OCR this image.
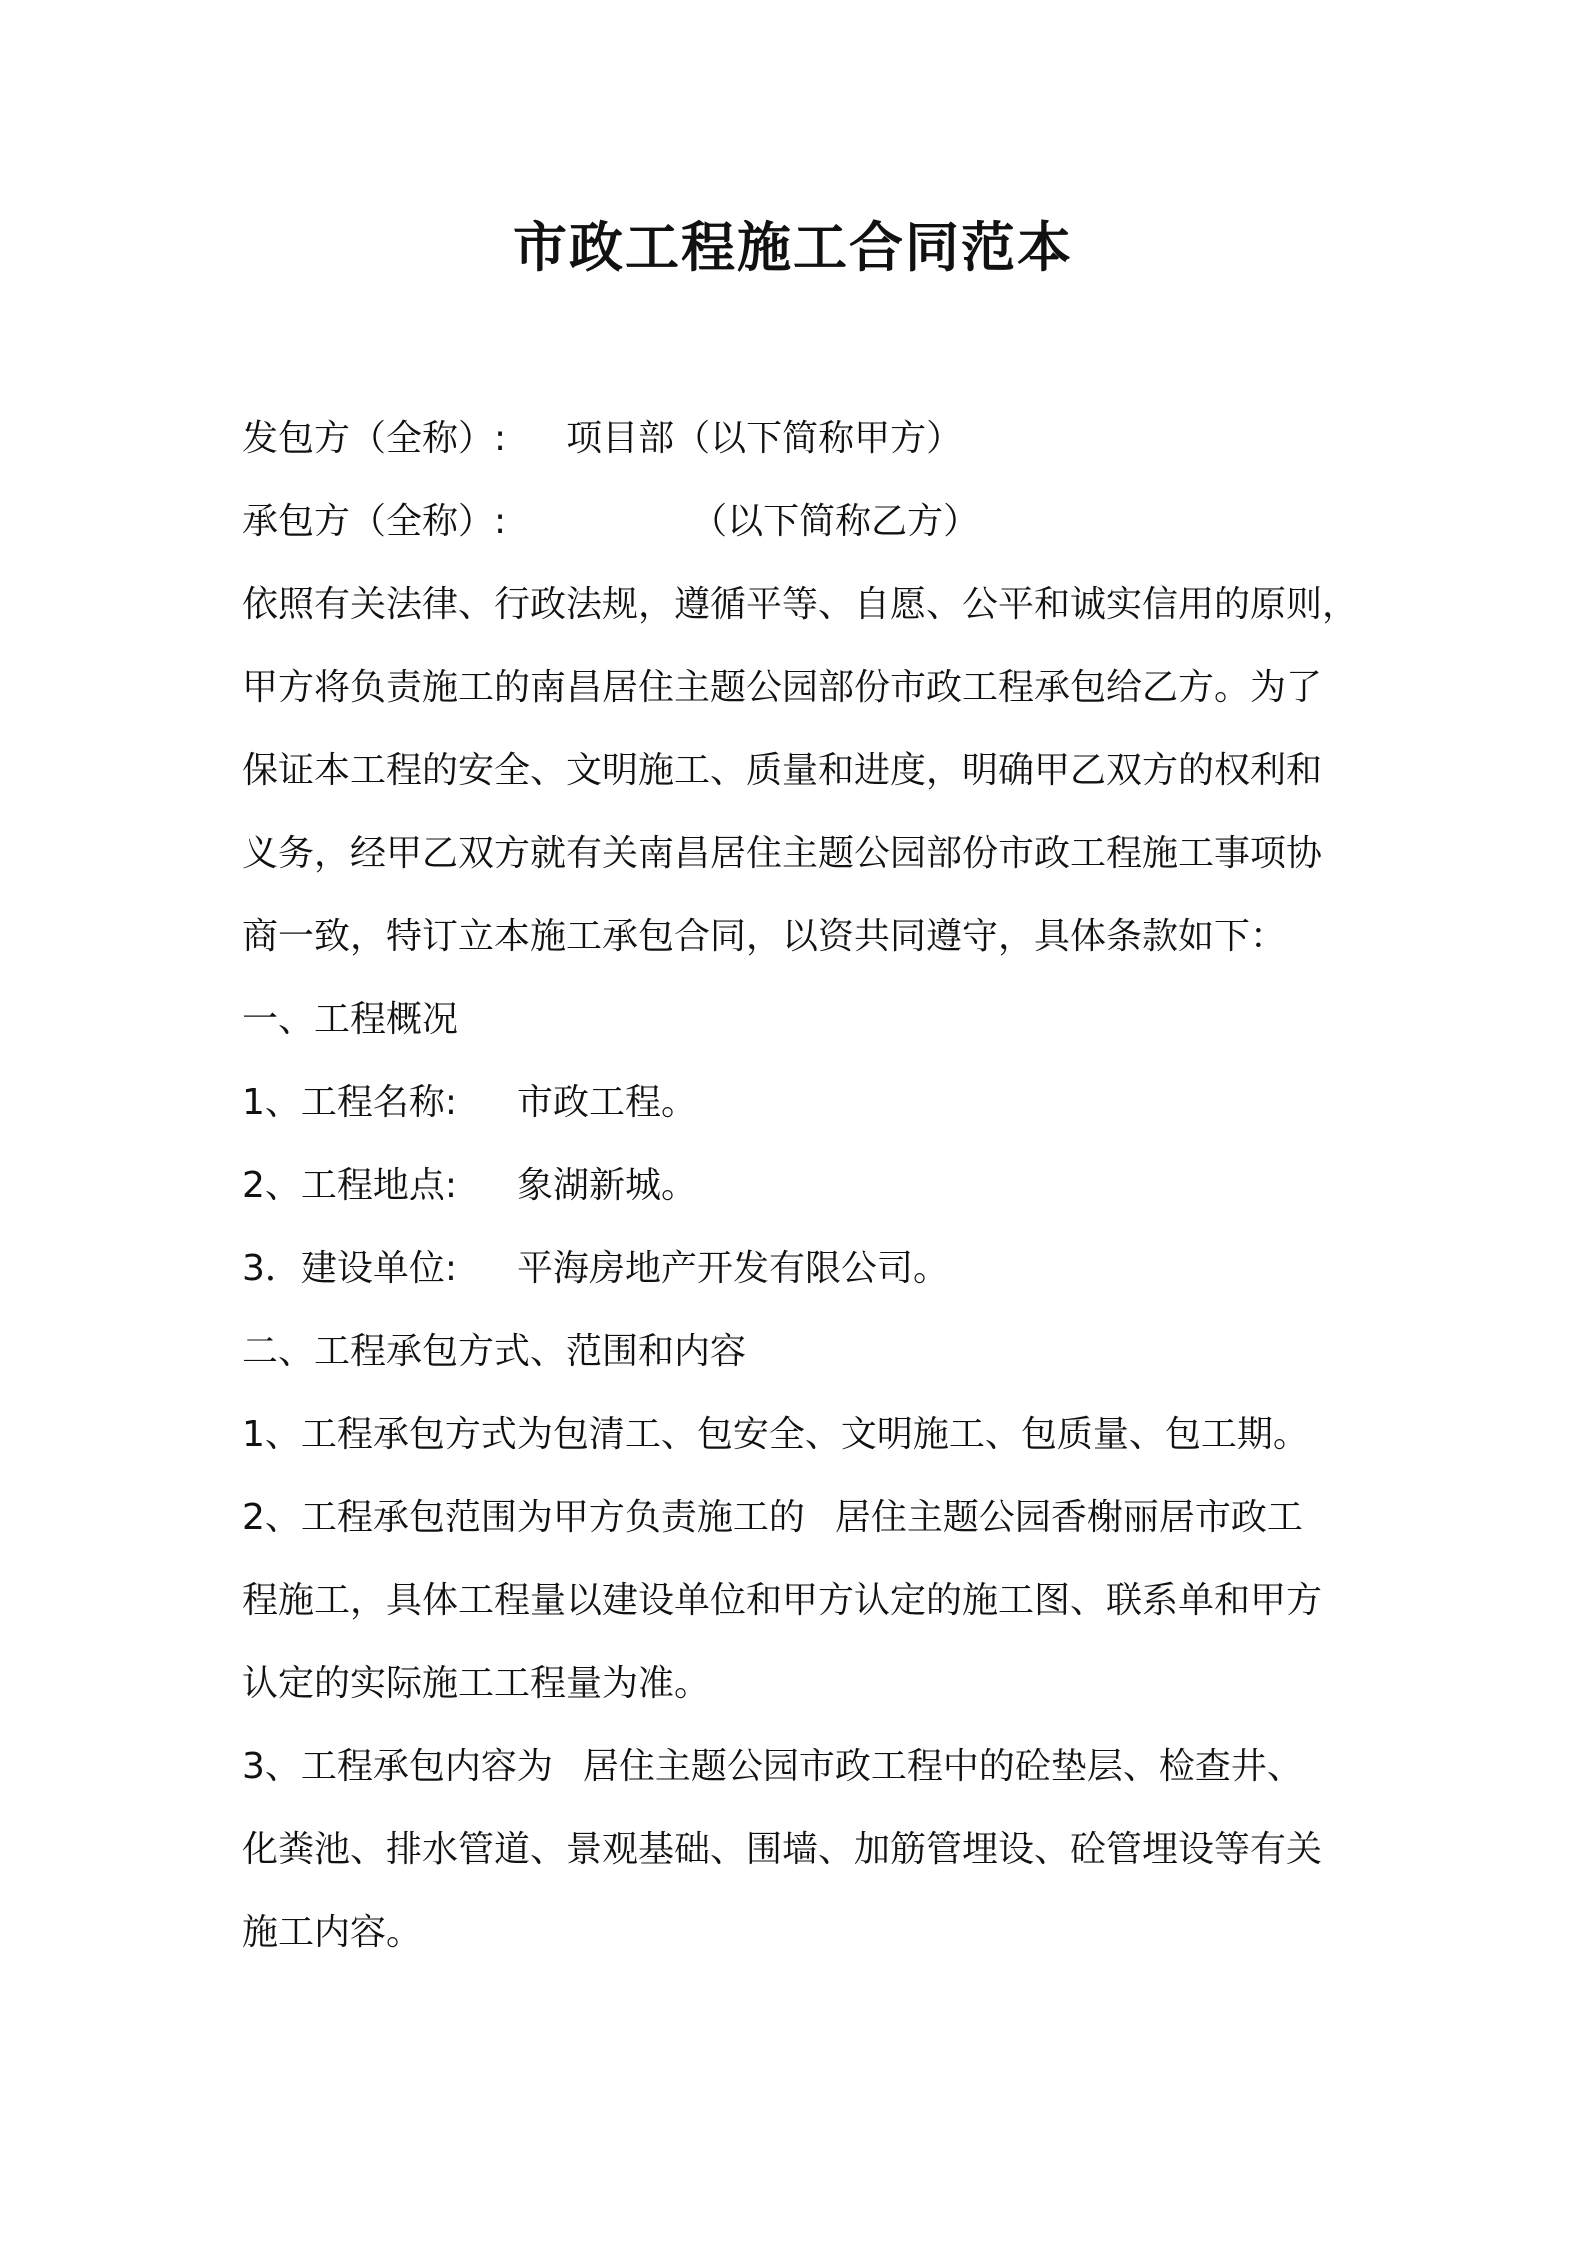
市政工程施工合同范本

发包方（全称）: 项目部（以下简称甲方）

承包方（全称）:	（以下简称乙方）

依照有关法律、行政法规，遵循平等、自愿、公平和诚实信用的原则，

甲方将负责施工的南昌居住主题公园部份市政工程承包给乙方。为了

保证本工程的安全、文明施工、质量和进度，明确甲乙双方的权利和

义务，经甲乙双方就有关南昌居住主题公园部份市政工程施工事项协

商一致，特订立本施工承包合同，以资共同遵守，具体条款如下：

一、工程概况

1、工程名称: 市政工程。

2、工程地点: 象湖新城。

3．建设单位: 平海房地产开发有限公司。

二、工程承包方式、范围和内容

1、工程承包方式为包清工、包安全、文明施工、包质量、包工期。

2、工程承包范围为甲方负责施工的 居住主题公园香榭丽居市政工

程施工，具体工程量以建设单位和甲方认定的施工图、联系单和甲方

认定的实际施工工程量为准。

3、工程承包内容为 居住主题公园市政工程中的砼垫层、检查井、

化粪池、排水管道、景观基础、围墙、加筋管埋设、砼管埋设等有关

施工内容。
